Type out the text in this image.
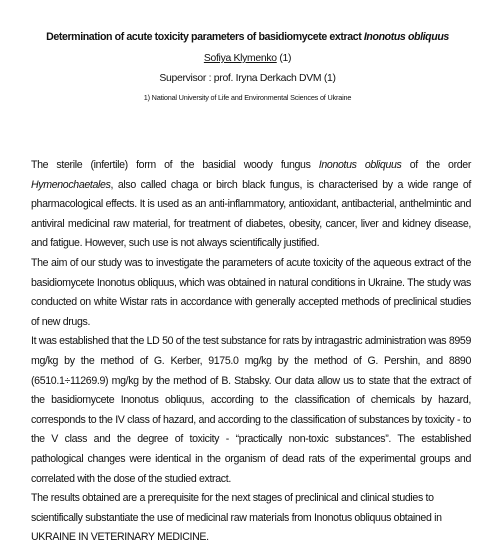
Determination of acute toxicity parameters of basidiomycete extract Inonotus obliquus
Sofiya Klymenko (1)
Supervisor : prof. Iryna Derkach DVM (1)
1) National University of Life and Environmental Sciences of Ukraine

The sterile (infertile) form of the basidial woody fungus Inonotus obliquus of the order Hymenochaetales, also called chaga or birch black fungus, is characterised by a wide range of pharmacological effects. It is used as an anti-inflammatory, antioxidant, antibacterial, anthelmintic and antiviral medicinal raw material, for treatment of diabetes, obesity, cancer, liver and kidney disease, and fatigue. However, such use is not always scientifically justified.

The aim of our study was to investigate the parameters of acute toxicity of the aqueous extract of the basidiomycete Inonotus obliquus, which was obtained in natural conditions in Ukraine. The study was conducted on white Wistar rats in accordance with generally accepted methods of preclinical studies of new drugs.

It was established that the LD 50 of the test substance for rats by intragastric administration was 8959 mg/kg by the method of G. Kerber, 9175.0 mg/kg by the method of G. Pershin, and 8890 (6510.1÷11269.9) mg/kg by the method of B. Stabsky. Our data allow us to state that the extract of the basidiomycete Inonotus obliquus, according to the classification of chemicals by hazard, corresponds to the IV class of hazard, and according to the classification of substances by toxicity - to the V class and the degree of toxicity - “practically non-toxic substances”. The established pathological changes were identical in the organism of dead rats of the experimental groups and correlated with the dose of the studied extract.

The results obtained are a prerequisite for the next stages of preclinical and clinical studies to scientifically substantiate the use of medicinal raw materials from Inonotus obliquus obtained in UKRAINE IN VETERINARY MEDICINE.
